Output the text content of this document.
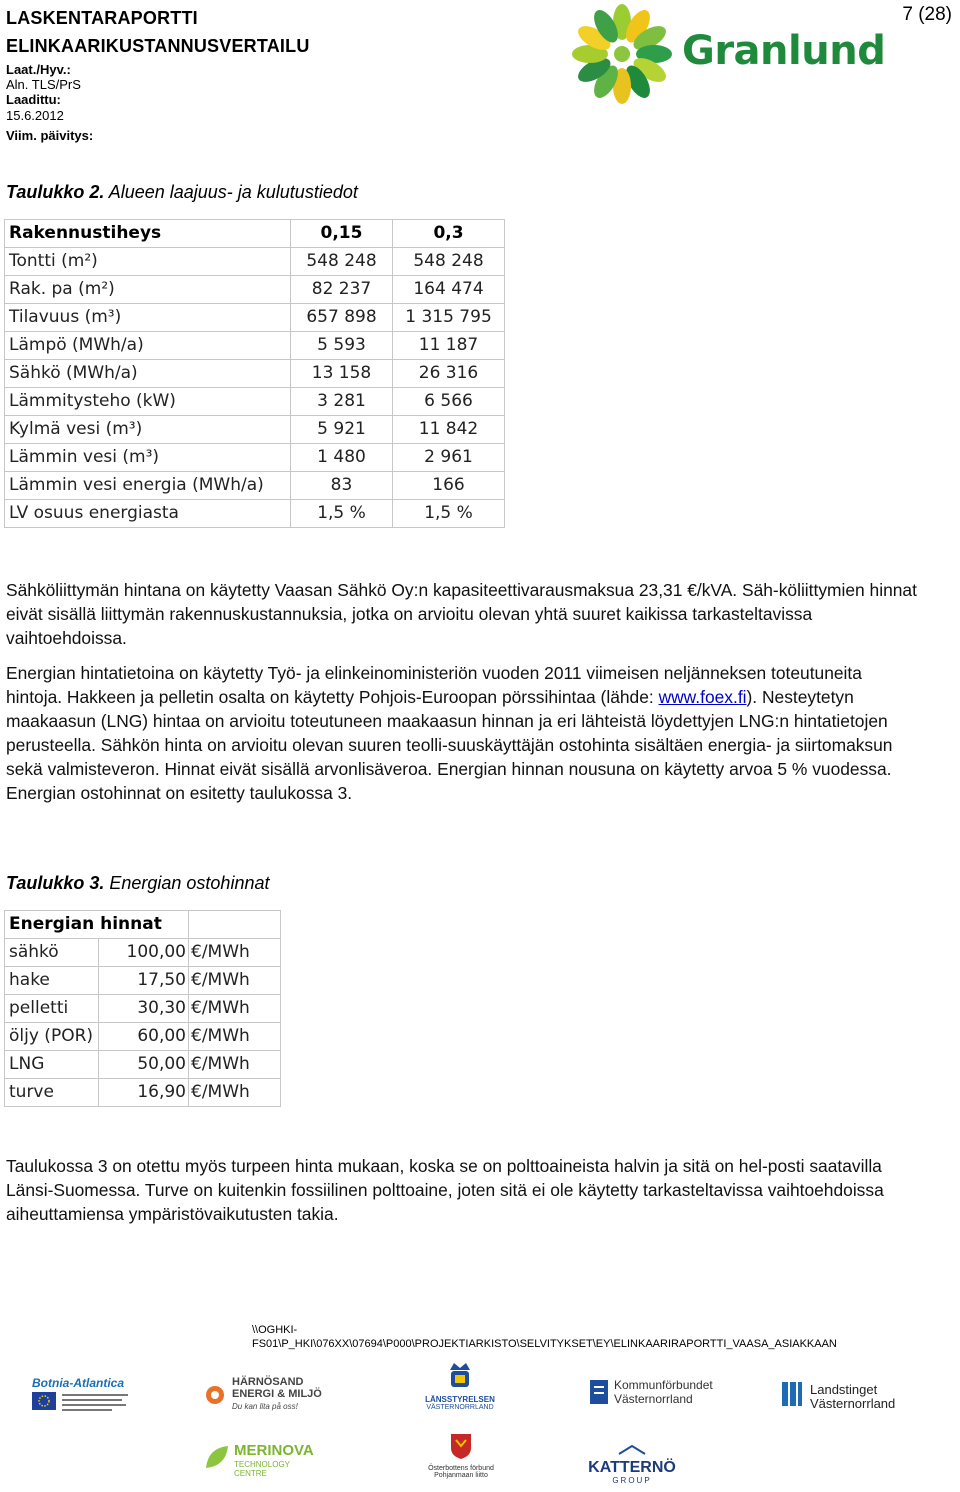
LASKENTARAPORTTI
ELINKAARIKUSTANNUSVERTAILU
Laat./Hyv.:
Aln. TLS/PrS
Laadittu:
15.6.2012
Viim. päivitys:
7 (28)
Granlund
Taulukko 2. Alueen laajuus- ja kulutustiedot
Rakennustiheys	0,15	0,3
Tontti (m²)	548 248	548 248
Rak. pa (m²)	82 237	164 474
Tilavuus (m³)	657 898	1 315 795
Lämpö (MWh/a)	5 593	11 187
Sähkö (MWh/a)	13 158	26 316
Lämmitysteho (kW)	3 281	6 566
Kylmä vesi (m³)	5 921	11 842
Lämmin vesi (m³)	1 480	2 961
Lämmin vesi energia (MWh/a)	83	166
LV osuus energiasta	1,5 %	1,5 %
Sähköliittymän hintana on käytetty Vaasan Sähkö Oy:n kapasiteettivarausmaksua 23,31 €/kVA. Säh-köliittymien hinnat eivät sisällä liittymän rakennuskustannuksia, jotka on arvioitu olevan yhtä suuret kaikissa tarkasteltavissa vaihtoehdoissa.
Energian hintatietoina on käytetty Työ- ja elinkeinoministeriön vuoden 2011 viimeisen neljänneksen toteutuneita hintoja. Hakkeen ja pelletin osalta on käytetty Pohjois-Euroopan pörssihintaa (lähde: www.foex.fi). Nesteytetyn maakaasun (LNG) hintaa on arvioitu toteutuneen maakaasun hinnan ja eri lähteistä löydettyjen LNG:n hintatietojen perusteella. Sähkön hinta on arvioitu olevan suuren teolli-suuskäyttäjän ostohinta sisältäen energia- ja siirtomaksun sekä valmisteveron. Hinnat eivät sisällä arvonlisäveroa. Energian hinnan nousuna on käytetty arvoa 5 % vuodessa. Energian ostohinnat on esitetty taulukossa 3.
Taulukko 3. Energian ostohinnat
Energian hinnat		
sähkö	100,00	€/MWh
hake	17,50	€/MWh
pelletti	30,30	€/MWh
öljy (POR)	60,00	€/MWh
LNG	50,00	€/MWh
turve	16,90	€/MWh
Taulukossa 3 on otettu myös turpeen hinta mukaan, koska se on polttoaineista halvin ja sitä on hel-posti saatavilla Länsi-Suomessa. Turve on kuitenkin fossiilinen polttoaine, joten sitä ei ole käytetty tarkasteltavissa vaihtoehdoissa aiheuttamiensa ympäristövaikutusten takia.
\\OGHKI-
FS01\P_HKI\076XX\07694\P000\PROJEKTIARKISTO\SELVITYKSET\EY\ELINKAARIRAPORTTI_VAASA_ASIAKKAAN
Botnia-Atlantica	HÄRNÖSAND
ENERGI & MILJÖ
Du kan lita på oss!
LÄNSSTYRELSEN
VÄSTERNORRLAND
Kommunförbundet
Västernorrland
Landstinget
Västernorrland
MERINOVA
TECHNOLOGY CENTRE
Österbottens förbund
Pohjanmaan liitto	KATTERNÖ
GROUP
